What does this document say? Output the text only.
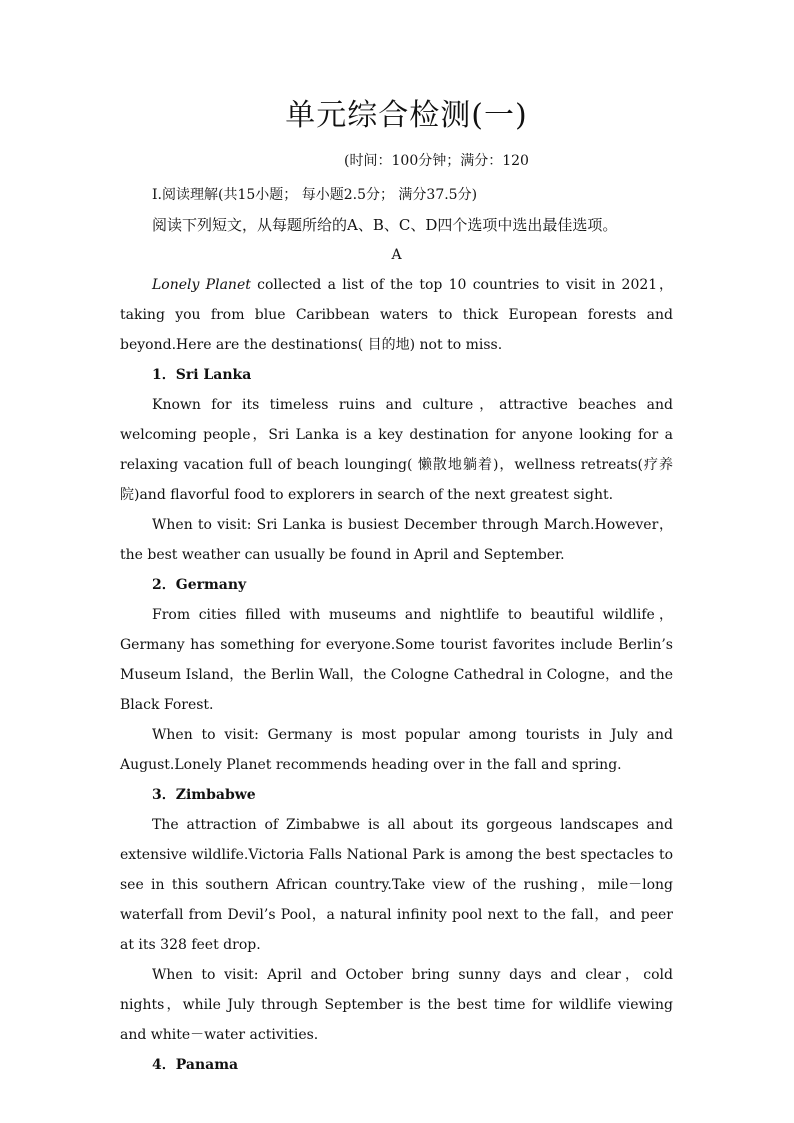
单元综合检测(一)
(时间：100分钟；满分：120

Ⅰ.阅读理解(共15小题； 每小题2.5分； 满分37.5分)

阅读下列短文，从每题所给的A、B、C、D四个选项中选出最佳选项。

A

Lonely Planet collected a list of the top 10 countries to visit in 2021，taking you from blue Caribbean waters to thick European forests and beyond.Here are the destinations( 目的地) not to miss.

1．Sri Lanka

Known for its timeless ruins and culture，attractive beaches and welcoming people，Sri Lanka is a key destination for anyone looking for a relaxing vacation full of beach lounging( 懒散地躺着)，wellness retreats(疗养院)and flavorful food to explorers in search of the next greatest sight.

When to visit: Sri Lanka is busiest December through March.However，the best weather can usually be found in April and September.

2．Germany

From cities filled with museums and nightlife to beautiful wildlife，Germany has something for everyone.Some tourist favorites include Berlin’s Museum Island，the Berlin Wall，the Cologne Cathedral in Cologne，and the Black Forest.

When to visit: Germany is most popular among tourists in July and August.Lonely Planet recommends heading over in the fall and spring.

3．Zimbabwe

The attraction of Zimbabwe is all about its gorgeous landscapes and extensive wildlife.Victoria Falls National Park is among the best spectacles to see in this southern African country.Take view of the rushing，mile－long waterfall from Devil’s Pool，a natural infinity pool next to the fall，and peer at its 328 feet drop.

When to visit: April and October bring sunny days and clear，cold nights，while July through September is the best time for wildlife viewing and white－water activities.

4．Panama
